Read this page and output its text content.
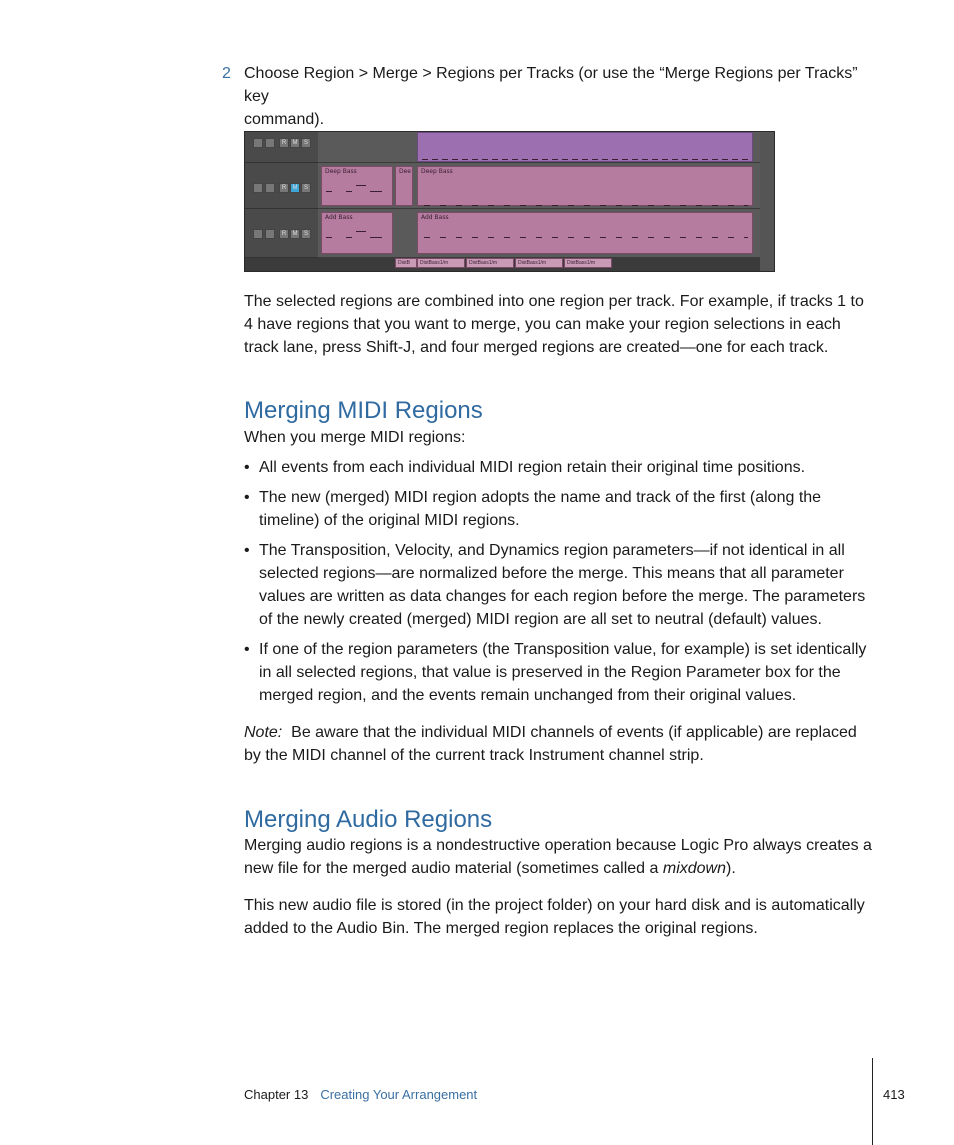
2 Choose Region > Merge > Regions per Tracks (or use the “Merge Regions per Tracks” key
command).
R	M	S
R	M	S
R	M	S
Deep Bass	Dee Deep Bass
Add Bass	Add Bass
DistB	DistBass1/m	DistBass1/m	DistBass1/m	DistBass1/m

The selected regions are combined into one region per track. For example, if tracks 1 to 4 have regions that you want to merge, you can make your region selections in each track lane, press Shift-J, and four merged regions are created—one for each track.

Merging MIDI Regions

When you merge MIDI regions:

• All events from each individual MIDI region retain their original time positions.
• The new (merged) MIDI region adopts the name and track of the first (along the timeline) of the original MIDI regions.
• The Transposition, Velocity, and Dynamics region parameters—if not identical in all selected regions—are normalized before the merge. This means that all parameter values are written as data changes for each region before the merge. The parameters of the newly created (merged) MIDI region are all set to neutral (default) values.
• If one of the region parameters (the Transposition value, for example) is set identically in all selected regions, that value is preserved in the Region Parameter box for the merged region, and the events remain unchanged from their original values.

Note: Be aware that the individual MIDI channels of events (if applicable) are replaced by the MIDI channel of the current track Instrument channel strip.

Merging Audio Regions

Merging audio regions is a nondestructive operation because Logic Pro always creates a new file for the merged audio material (sometimes called a mixdown).

This new audio file is stored (in the project folder) on your hard disk and is automatically added to the Audio Bin. The merged region replaces the original regions.

Chapter 13 Creating Your Arrangement	413
